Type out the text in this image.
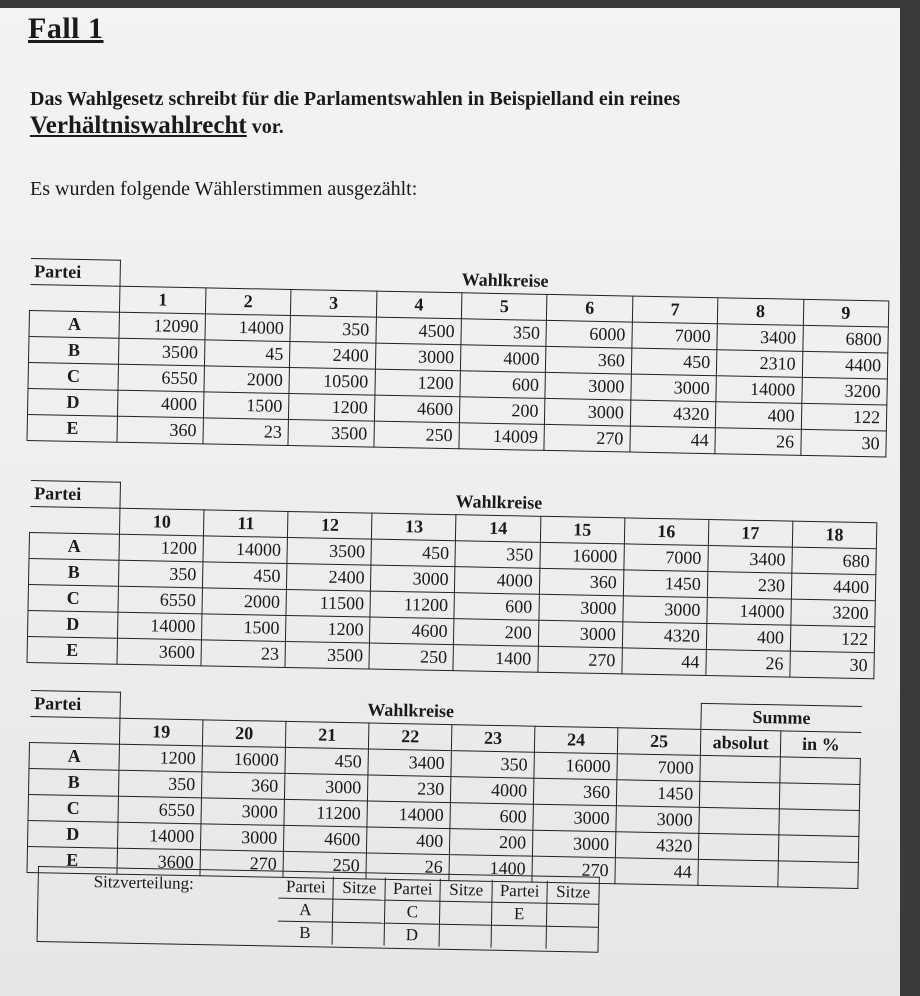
Fall 1
Das Wahlgesetz schreibt für die Parlamentswahlen in Beispielland ein reines
Verhältniswahlrecht vor.
Es wurden folgende Wählerstimmen ausgezählt:
Partei	Wahlkreise								
	1	2	3	4	5	6	7	8	9
A	12090	14000	350	4500	350	6000	7000	3400	6800
B	3500	45	2400	3000	4000	360	450	2310	4400
C	6550	2000	10500	1200	600	3000	3000	14000	3200
D	4000	1500	1200	4600	200	3000	4320	400	122
E	360	23	3500	250	14009	270	44	26	30
Partei	Wahlkreise								
	10	11	12	13	14	15	16	17	18
A	1200	14000	3500	450	350	16000	7000	3400	680
B	350	450	2400	3000	4000	360	1450	230	4400
C	6550	2000	11500	11200	600	3000	3000	14000	3200
D	14000	1500	1200	4600	200	3000	4320	400	122
E	3600	23	3500	250	1400	270	44	26	30
Partei	Wahlkreise							Summe	
	19	20	21	22	23	24	25	absolut	in %
A	1200	16000	450	3400	350	16000	7000		
B	350	360	3000	230	4000	360	1450		
C	6550	3000	11200	14000	600	3000	3000		
D	14000	3000	4600	400	200	3000	4320		
E	3600	270	250	26	1400	270	44		
Sitzverteilung:	Partei	Sitze	Partei	Sitze	Partei	Sitze
A		C		E	
B		D			
